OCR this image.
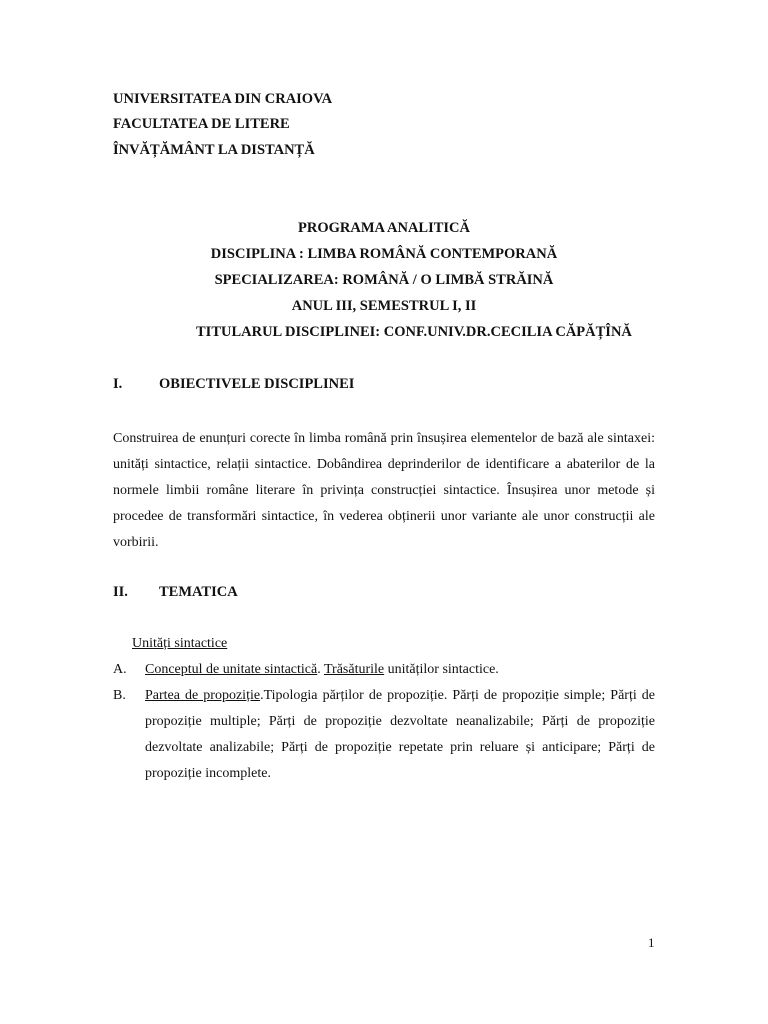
UNIVERSITATEA DIN CRAIOVA
FACULTATEA DE LITERE
ÎNVĂȚĂMÂNT LA DISTANȚĂ
PROGRAMA ANALITICĂ
DISCIPLINA : LIMBA ROMÂNĂ CONTEMPORANĂ
SPECIALIZAREA: ROMÂNĂ / O LIMBĂ STRĂINĂ
ANUL III, SEMESTRUL I, II
TITULARUL DISCIPLINEI: CONF.UNIV.DR.CECILIA CĂPĂȚÎNĂ
I.	OBIECTIVELE DISCIPLINEI
Construirea de enunțuri corecte în limba română prin însușirea elementelor de bază ale sintaxei: unități sintactice, relații sintactice. Dobândirea deprinderilor de identificare a abaterilor de la normele limbii române literare în privința construcției sintactice. Însușirea unor metode și procedee de transformări sintactice, în vederea obținerii unor variante ale unor construcții ale vorbirii.
II. TEMATICA
Unități sintactice
A. Conceptul de unitate sintactică. Trăsăturile unităților sintactice.
B. Partea de propoziție.Tipologia părților de propoziție. Părți de propoziție simple; Părți de propoziție multiple; Părți de propoziție dezvoltate neanalizabile; Părți de propoziție dezvoltate analizabile; Părți de propoziție repetate prin reluare și anticipare; Părți de propoziție incomplete.
1
